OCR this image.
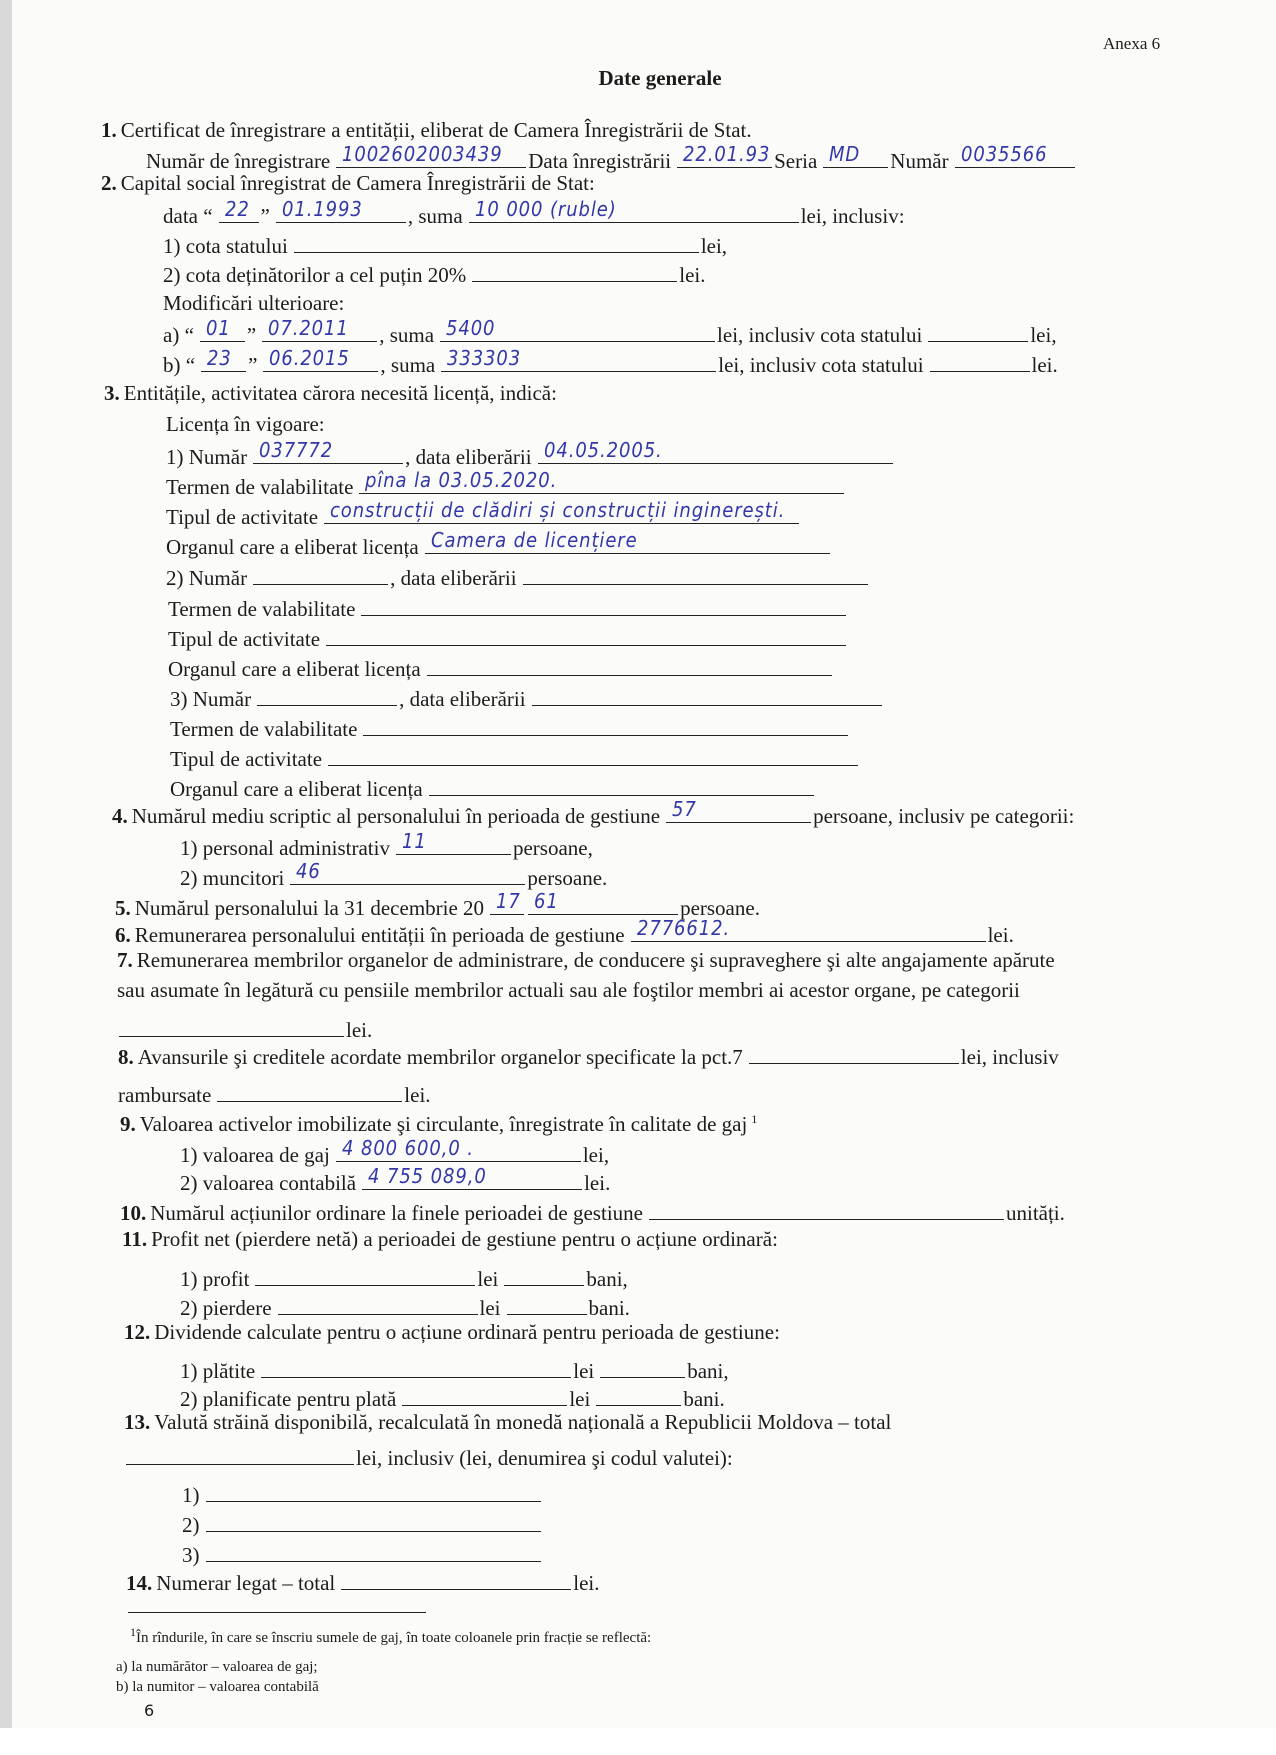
Anexa 6
Date generale
1. Certificat de înregistrare a entității, eliberat de Camera Înregistrării de Stat.
Număr de înregistrare 1002602003439 Data înregistrării 22.01.93 Seria MD Număr 0035566
2. Capital social înregistrat de Camera Înregistrării de Stat:
data “ 22 ” 01.1993 , suma 10 000 (ruble)	lei, inclusiv:
1) cota statului	lei,
2) cota deținătorilor a cel puțin 20%	lei.
Modificări ulterioare:
a) “ 01 ” 07.2011 , suma 5400	lei, inclusiv cota statului	lei,
b) “ 23 ” 06.2015 , suma 333303	lei, inclusiv cota statului	lei.
3. Entitățile, activitatea cărora necesită licență, indică:
Licența în vigoare:
1) Număr 037772	, data eliberării 04.05.2005.
Termen de valabilitate pîna la 03.05.2020.
Tipul de activitate construcții de clădiri și construcții inginerești.
Organul care a eliberat licența Camera de licențiere
2) Număr	, data eliberării
Termen de valabilitate
Tipul de activitate
Organul care a eliberat licența
3) Număr	, data eliberării
Termen de valabilitate
Tipul de activitate
Organul care a eliberat licența
4. Numărul mediu scriptic al personalului în perioada de gestiune 57	persoane, inclusiv pe categorii:
1) personal administrativ 11	persoane,
2) muncitori 46	persoane.
5. Numărul personalului la 31 decembrie 20 17 61	persoane.
6. Remunerarea personalului entității în perioada de gestiune 2776612.	lei.
7. Remunerarea membrilor organelor de administrare, de conducere şi supraveghere şi alte angajamente apărute
sau asumate în legătură cu pensiile membrilor actuali sau ale foştilor membri ai acestor organe, pe categorii
lei.
8. Avansurile şi creditele acordate membrilor organelor specificate la pct.7	lei, inclusiv
rambursate	lei.
9. Valoarea activelor imobilizate şi circulante, înregistrate în calitate de gaj $^1$
1) valoarea de gaj 4 800 600,0 .	lei,
2) valoarea contabilă 4 755 089,0	lei.
10. Numărul acțiunilor ordinare la finele perioadei de gestiune	unități.
11. Profit net (pierdere netă) a perioadei de gestiune pentru o acțiune ordinară:
1) profit	lei	bani,
2) pierdere	lei	bani.
12. Dividende calculate pentru o acțiune ordinară pentru perioada de gestiune:
1) plătite	lei	bani,
2) planificate pentru plată	lei	bani.
13. Valută străină disponibilă, recalculată în monedă națională a Republicii Moldova – total
lei, inclusiv (lei, denumirea şi codul valutei):
1)
2)
3)
14. Numerar legat – total	lei.
$^1$În rîndurile, în care se înscriu sumele de gaj, în toate coloanele prin fracție se reflectă:
a) la numărător – valoarea de gaj;
b) la numitor – valoarea contabilă
6
